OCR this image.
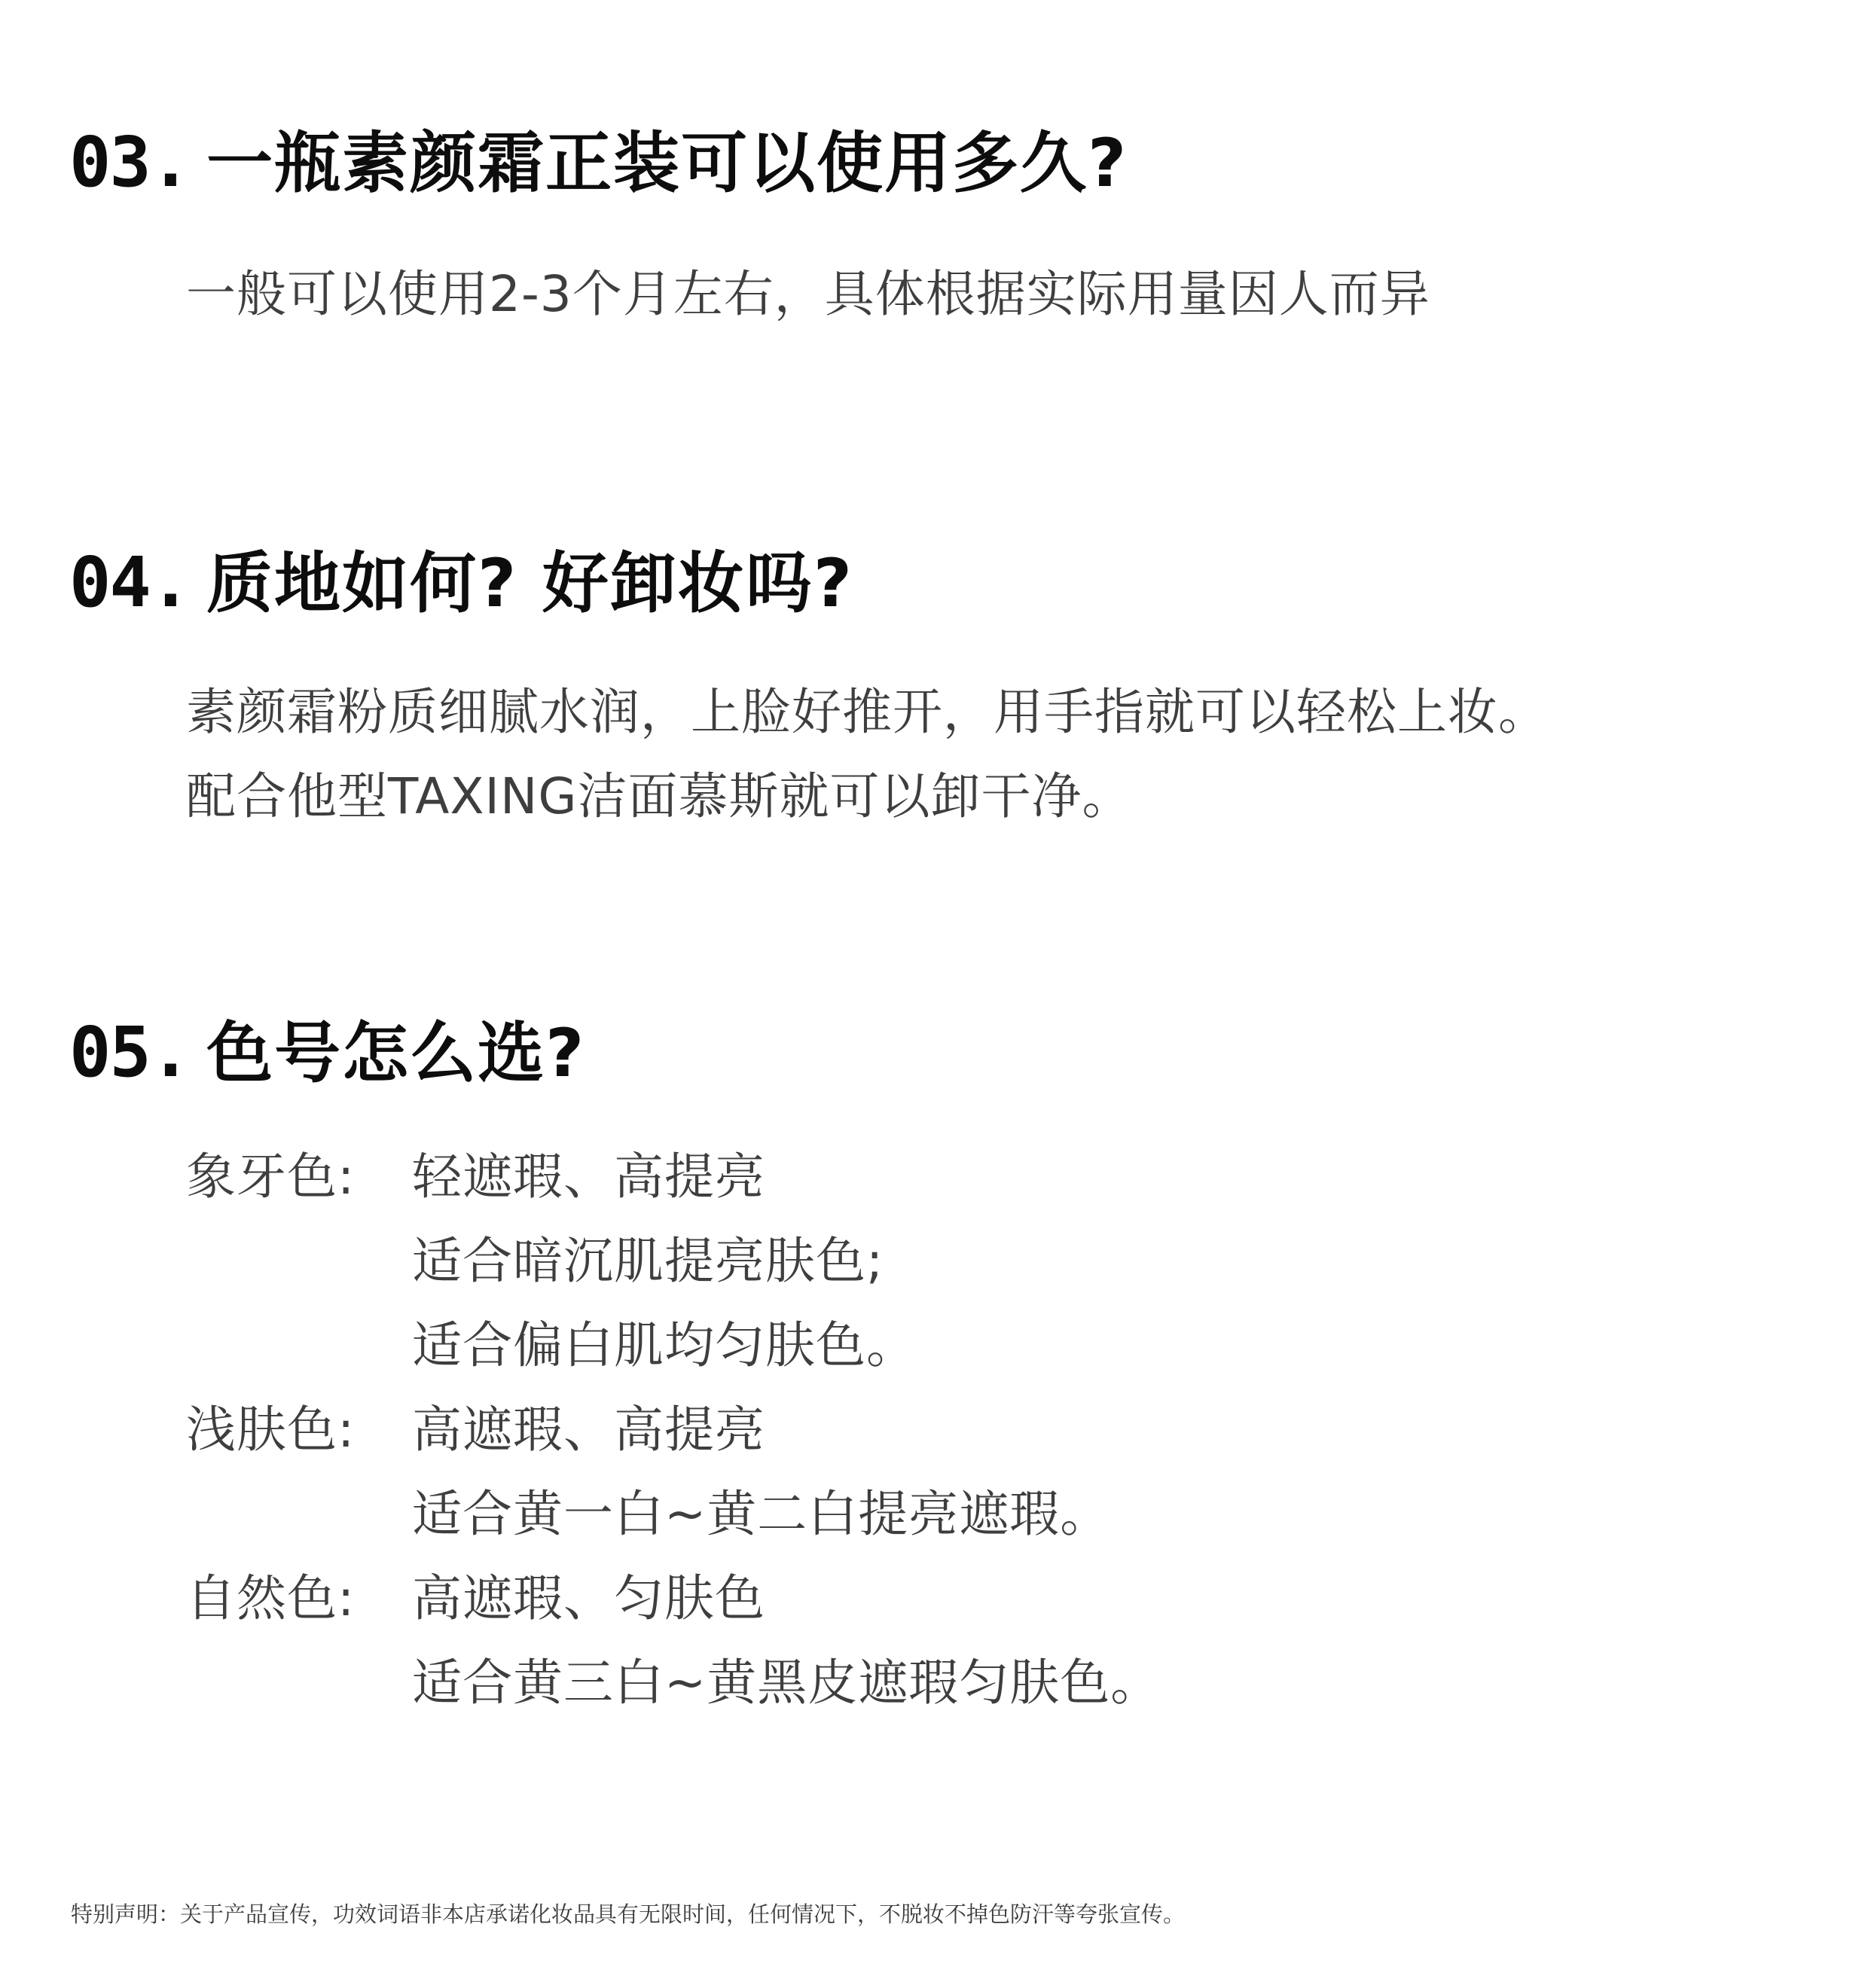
03. 一瓶素颜霜正装可以使用多久?
一般可以使用2-3个月左右，具体根据实际用量因人而异
04. 质地如何? 好卸妆吗?
素颜霜粉质细腻水润，上脸好推开，用手指就可以轻松上妆。
配合他型TAXING洁面慕斯就可以卸干净。
05. 色号怎么选?
象牙色:	轻遮瑕、高提亮
适合暗沉肌提亮肤色;
适合偏白肌均匀肤色。
浅肤色:	高遮瑕、高提亮
适合黄一白~黄二白提亮遮瑕。
自然色:	高遮瑕、匀肤色
适合黄三白~黄黑皮遮瑕匀肤色。
特别声明：关于产品宣传，功效词语非本店承诺化妆品具有无限时间，任何情况下，不脱妆不掉色防汗等夸张宣传。
